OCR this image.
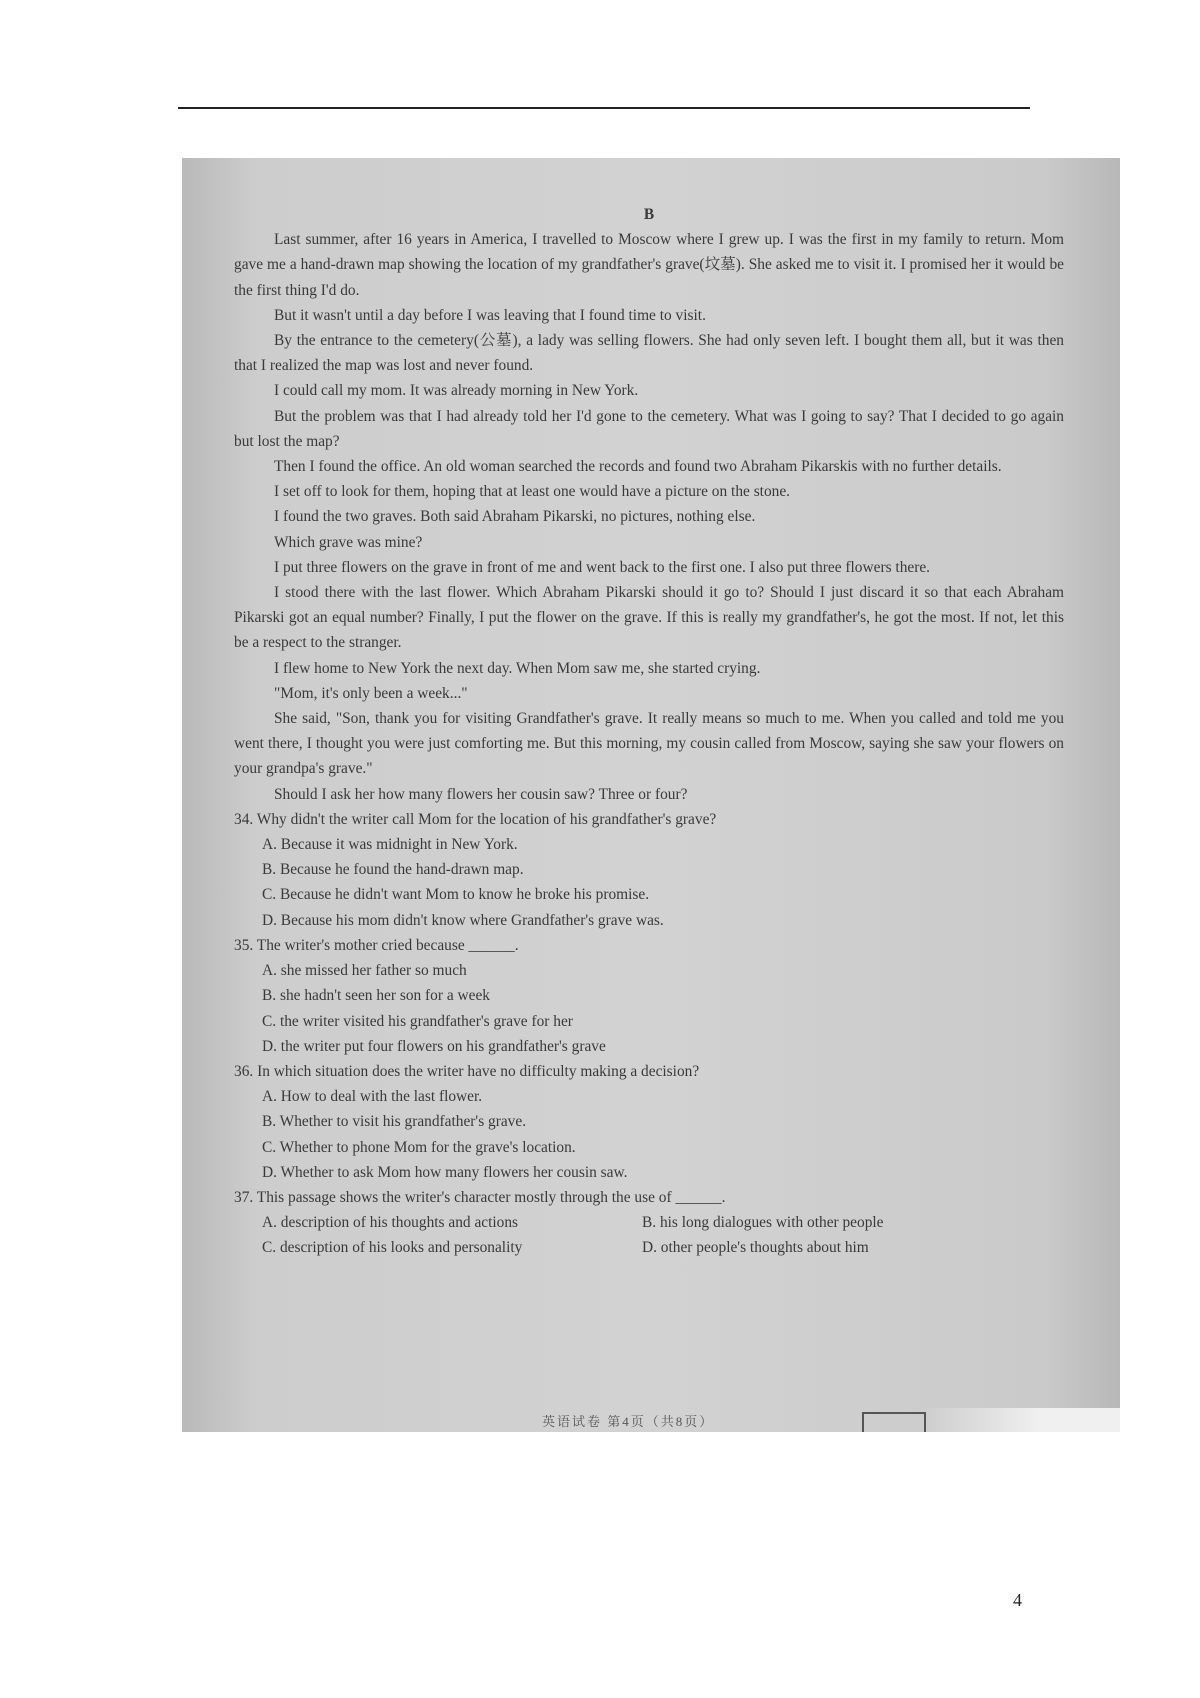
B

Last summer, after 16 years in America, I travelled to Moscow where I grew up. I was the first in my family to return. Mom gave me a hand-drawn map showing the location of my grandfather's grave(坟墓). She asked me to visit it. I promised her it would be the first thing I'd do.

But it wasn't until a day before I was leaving that I found time to visit.

By the entrance to the cemetery(公墓), a lady was selling flowers. She had only seven left. I bought them all, but it was then that I realized the map was lost and never found.

I could call my mom. It was already morning in New York.

But the problem was that I had already told her I'd gone to the cemetery. What was I going to say? That I decided to go again but lost the map?

Then I found the office. An old woman searched the records and found two Abraham Pikarskis with no further details.

I set off to look for them, hoping that at least one would have a picture on the stone.

I found the two graves. Both said Abraham Pikarski, no pictures, nothing else.

Which grave was mine?

I put three flowers on the grave in front of me and went back to the first one. I also put three flowers there.

I stood there with the last flower. Which Abraham Pikarski should it go to? Should I just discard it so that each Abraham Pikarski got an equal number? Finally, I put the flower on the grave. If this is really my grandfather's, he got the most. If not, let this be a respect to the stranger.

I flew home to New York the next day. When Mom saw me, she started crying.

"Mom, it's only been a week..."

She said, "Son, thank you for visiting Grandfather's grave. It really means so much to me. When you called and told me you went there, I thought you were just comforting me. But this morning, my cousin called from Moscow, saying she saw your flowers on your grandpa's grave."

Should I ask her how many flowers her cousin saw? Three or four?

34. Why didn't the writer call Mom for the location of his grandfather's grave?

A. Because it was midnight in New York.

B. Because he found the hand-drawn map.

C. Because he didn't want Mom to know he broke his promise.

D. Because his mom didn't know where Grandfather's grave was.

35. The writer's mother cried because ______.

A. she missed her father so much

B. she hadn't seen her son for a week

C. the writer visited his grandfather's grave for her

D. the writer put four flowers on his grandfather's grave

36. In which situation does the writer have no difficulty making a decision?

A. How to deal with the last flower.

B. Whether to visit his grandfather's grave.

C. Whether to phone Mom for the grave's location.

D. Whether to ask Mom how many flowers her cousin saw.

37. This passage shows the writer's character mostly through the use of ______.

A. description of his thoughts and actions	B. his long dialogues with other people
C. description of his looks and personality	D. other people's thoughts about him
英语试卷 第4页（共8页）
4
